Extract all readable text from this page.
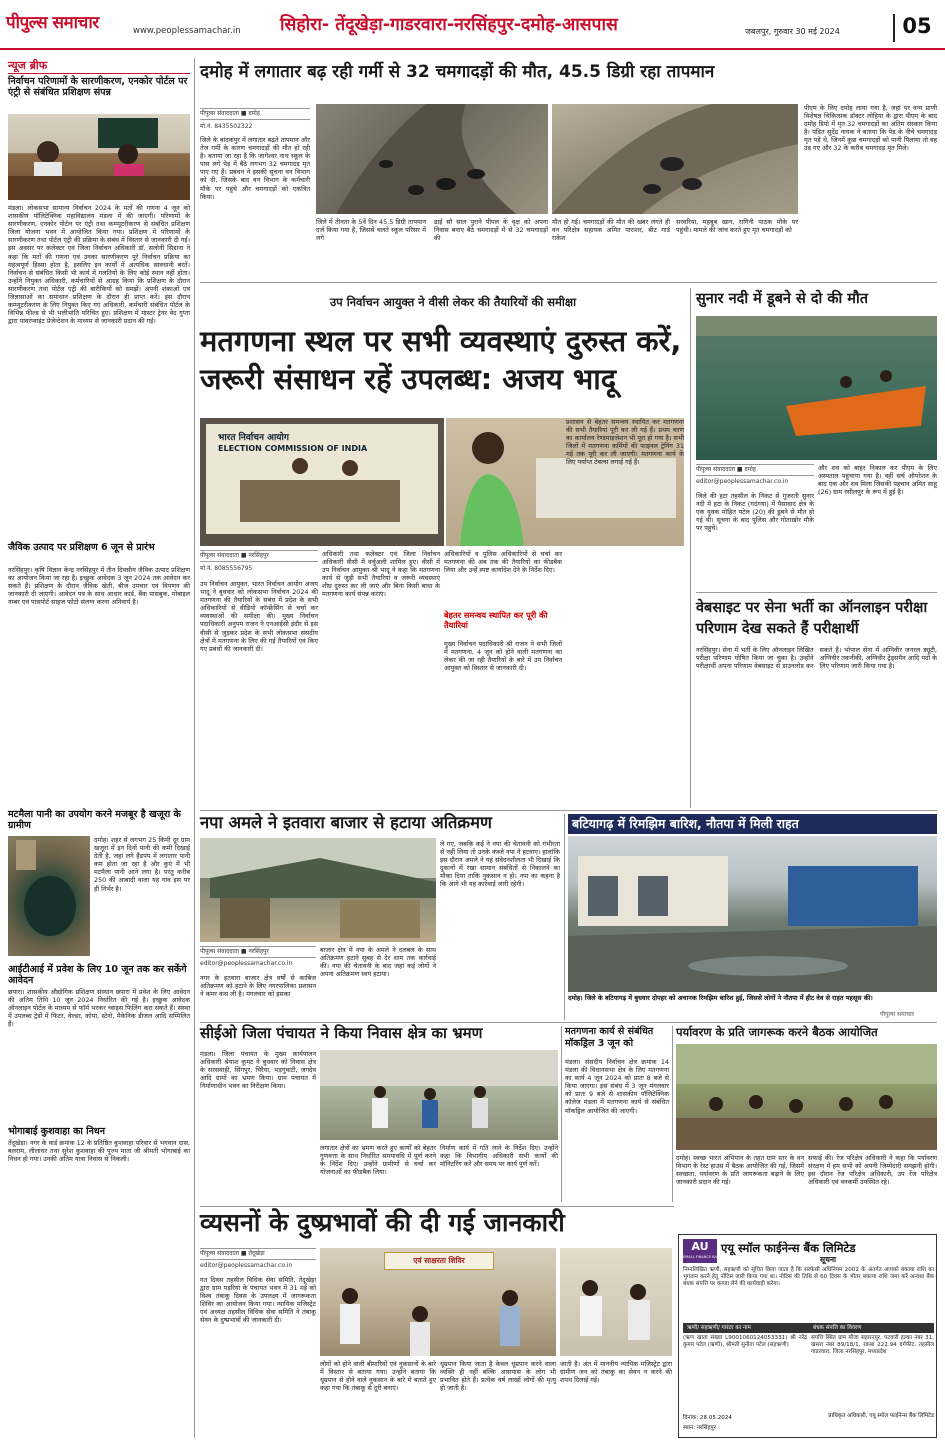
पीपुल्स समाचार	www.peoplessamachar.in सिहोरा- तेंदूखेड़ा-गाडरवारा-नरसिंहपुर-दमोह-आसपास	जबलपुर, गुरुवार 30 मई 2024	05
न्यूज ब्रीफ
निर्वाचन परिणामों के सारणीकरण, एनकोर पोर्टल पर एंट्री से संबंधित प्रशिक्षण संपन्न
मंडला। लोकसभा सामान्य निर्वाचन 2024 के मतों की गणना 4 जून को शासकीय पॉलिटेक्निक महाविद्यालय मंडला में की जाएगी। परिणामों के सारणीकरण, एनकोर पोर्टल पर एंट्री तथा कम्प्यूटरीकरण से संबंधित प्रशिक्षण जिला योजना भवन में आयोजित किया गया। प्रशिक्षण में परिणामों के सारणीकरण तथा पोर्टल एंट्री की प्रक्रिया के संबंध में विस्तार से जानकारी दी गई। इस अवसर पर कलेक्टर एवं जिला निर्वाचन अधिकारी डॉ. सलोनी सिडाना ने कहा कि मतों की गणना एवं उनका सारणीकरण पूरे निर्वाचन प्रक्रिया का महत्वपूर्ण हिस्सा होता है, इसलिए इन कार्यों में अत्यधिक सावधानी बरतें। निर्वाचन से संबंधित किसी भी कार्य में गलतियों के लिए कोई स्थान नहीं होता। उन्होंने नियुक्त अधिकारी, कर्मचारियों से आग्रह किया कि प्रशिक्षण के दौरान सारणीकरण तथा पोर्टल एंट्री की बारीकियों को समझें। अपनी शंकाओं एवं जिज्ञासाओं का समाधान प्रशिक्षण के दौरान ही प्राप्त करें। इस दौरान कम्प्यूटरीकरण के लिए नियुक्त किए गए अधिकारी, कर्मचारी संबंधित पोर्टल के विभिन्न फील्ड से भी भलीभांति परिचित हुए। प्रशिक्षण में मास्टर ट्रेनर वेद गुप्ता द्वारा पावरप्वाइंट प्रेजेन्टेशन के माध्यम से जानकारी प्रदान की गई।
जैविक उत्पाद पर प्रशिक्षण 6 जून से प्रारंभ
नरसिंहपुर। कृषि विज्ञान केन्द्र नरसिंहपुर में तीन दिवसीय जैविक उत्पाद प्रशिक्षण का आयोजन किया जा रहा है। इच्छुक आवेदक 3 जून 2024 तक आवेदन कर सकते हैं। प्रशिक्षण के दौरान जैविक खेती, बीज उपचार एवं विपणन की जानकारी दी जाएगी। आवेदन पत्र के साथ आधार कार्ड, बैंक पासबुक, मोबाइल नम्बर एवं पासपोर्ट साइज फोटो संलग्न करना अनिवार्य है।
मटमैला पानी का उपयोग करने मजबूर है खजूरा के ग्रामीण
दमोह। शहर से लगभग 25 किमी दूर ग्राम खजूरा में इन दिनों पानी की कमी दिखाई देती है, जहां लगे हैंडपंप में लगातार पानी कम होता जा रहा है और कुएं में भी मटमैला पानी आने लगा है। परंतु करीब 250 की आबादी वाला यह गांव इस पर ही निर्भर है।
आईटीआई में प्रवेश के लिए 10 जून तक कर सकेंगे आवेदन
छपारा। शासकीय औद्योगिक प्रशिक्षण संस्थान छपारा में प्रवेश के लिए आवेदन की अंतिम तिथि 10 जून 2024 निर्धारित की गई है। इच्छुक आवेदक ऑनलाइन पोर्टल के माध्यम से फॉर्म भरकर च्वाइस फिलिंग करा सकते हैं। संस्था में उपलब्ध ट्रेडों में फिटर, वेल्डर, कोपा, स्टेनो, मैकेनिक डीजल आदि सम्मिलित हैं।
भोगाबाई कुशवाहा का निधन
तेंदूखेड़ा। नगर के वार्ड क्रमांक 12 के प्रतिष्ठित कुशवाहा परिवार से भगवान दास, बलराम, लीलाधर तथा सुरेश कुशवाहा की पूज्य माता जी श्रीमती भोगाबाई का निधन हो गया। उनकी अंतिम यात्रा निवास से निकली।
दमोह में लगातार बढ़ रही गर्मी से 32 चमगादड़ों की मौत, 45.5 डिग्री रहा तापमान
पीपुल्स संवाददाता ■ दमोह
मो.नं. 8435502322
जिले के बांदकपुर में लगातार बढ़ते तापमान और तेज गर्मी के कारण चमगादड़ों की मौत हो रही है। बताया जा रहा है कि जागेश्वर नाथ स्कूल के पास लगे पेड़ में बैठे लगभग 32 चमगादड़ मृत पाए गए हैं। प्रबंधन ने इसकी सूचना वन विभाग को दी, जिसके बाद वन विभाग के कर्मचारी मौके पर पहुंचे और चमगादड़ों को एकत्रित किया।
जिले में तीनता के 5वें दिन 45.5 डिग्री तापमान दर्ज किया गया है, जिससे चलते स्कूल परिसर में लगे
ढाई सौ साल पुराने पीपल के वृक्ष को अपना निवास बनाए बैठे चमगादड़ों में से 32 चमगादड़ों की
मौत हो गई। चमगादड़ों की मौत की खबर लगते ही वन परिक्षेत्र सहायक अमित पाराशर, बीट गार्ड राकेश
सरवरिया, महबूब खान, रागिनी पाठक मौके पर पहुंची। मामले की जांच करते हुए मृत चमगादड़ों को
पीएम के लिए दमोह लाया गया है, जहां पर वन्य प्राणी विशेषज्ञ चिकित्सक डॉक्टर लोहिया के द्वारा पीएम के बाद दमोह डिपो में मृत 32 चमगादड़ों का अंतिम संस्कार किया है। पंडित सुदेंद्र नायक ने बताया कि पेड़ के नीचे चमगादड़ मृत पड़े थे, जिनमें कुछ चमगादड़ों को पानी पिलाया तो वह उड़ गए और 32 के करीब चमगादड़ मृत मिले।
उप निर्वाचन आयुक्त ने वीसी लेकर की तैयारियों की समीक्षा
मतगणना स्थल पर सभी व्यवस्थाएं दुरुस्त करें, जरूरी संसाधन रहें उपलब्ध: अजय भादू
भारत निर्वाचन आयोग
ELECTION COMMISSION OF INDIA
पीपुल्स संवाददाता ■ नरसिंहपुर
मो.नं. 8085556795
उप निर्वाचन आयुक्त, भारत निर्वाचन आयोग अजय भादू ने बुधवार को लोकसभा निर्वाचन 2024 की मतगणना की तैयारियों के संबंध में प्रदेश के सभी अधिकारियों से वीडियो कॉन्फ्रेंसिंग से चर्चा कर व्यवस्थाओं की समीक्षा की। मुख्य निर्वाचन पदाधिकारी अनुपम राजन ने एनआईसी इंदौर से इस वीसी से जुड़कर प्रदेश के सभी लोकसभा संसदीय क्षेत्रों में मतगणना के लिए की गई तैयारियों एवं किए गए प्रबंधों की जानकारी दी।
अधिकारी तथा कलेक्टर एवं जिला निर्वाचन अधिकारी वीसी में वर्चुअली शामिल हुए। वीसी में उप निर्वाचन आयुक्त श्री भादू ने कहा कि मतगणना कार्य से जुड़ी सभी तैयारियां व जरूरी व्यवस्थाएं शीघ्र दुरुस्त कर ली जाएं और बिना किसी बाधा के मतगणना कार्य संपन्न कराएं।
अधिकारियों व पुलिस अधिकारियों से चर्चा कर मतगणना की अब तक की तैयारियों का फीडबैक लिया और उन्हें स्पष्ट कार्यादेश देने के निर्देश दिए।
बेहतर समन्वय स्थापित कर पूरी की तैयारियां
मुख्य निर्वाचन पदाधिकारी श्री राजन ने सभी जिलों में मतगणना, 4 जून को होने वाली मतगणना का लेकर की जा रही तैयारियों के बारे में उप निर्वाचन आयुक्त को विस्तार से जानकारी दी।
प्रशासन से बेहतर समन्वय स्थापित कर मतगणना की सभी तैयारियां पूरी कर ली गई हैं। प्रथम चरण का कार्यालय रेण्डमाइजेशन भी पूरा हो गया है। सभी जिलों में मतगणना कर्मियों की फाइनल ट्रेनिंग 31 मई तक पूरी कर ली जाएगी। मतगणना कार्य के लिए पर्याप्त टेबल्स लगाई गई हैं।
सुनार नदी में डूबने से दो की मौत
पीपुल्स संवाददाता ■ दमोह
editor@peoplessamachar.co.in
जिले की हटा तहसील के निकट से गुजरती सुनार नदी में हटा के निकट (गदंगया) में पैसावाद क्षेत्र के एक युवक मोहित पटेल (20) की डूबने से मौत हो गई थी। सूचना के बाद पुलिस और गोताखोर मौके पर पहुंचे।
और शव को बाहर निकाल कर पीएम के लिए अस्पताल पहुंचाया गया है। वहीं सर्च ऑपरेशन के बाद एक और शव मिला जिसकी पहचान अमित साहू (26) ग्राम रसीलपुर के रूप में हुई है।
वेबसाइट पर सेना भर्ती का ऑनलाइन परीक्षा परिणाम देख सकते हैं परीक्षार्थी
नरसिंहपुर। सेना में भर्ती के लिए ऑनलाइन लिखित परीक्षा परिणाम घोषित किया जा चुका है। उन्होंने परीक्षार्थी अपना परिणाम वेबसाइट से डाउनलोड कर सकते हैं। भोपाल सेना में अग्निवीर जनरल ड्यूटी, अग्निवीर तकनीकी, अग्निवीर ट्रेड्समैन आदि पदों के लिए परिणाम जारी किया गया है।
नपा अमले ने इतवारा बाजार से हटाया अतिक्रमण
ले गए, जबकि कई ने नपा की चेतावनी को गंभीरता से नहीं लिया तो उनके कब्जे नपा ने हटवाए। हालांकि इस दौरान अमले ने यह संवेदनशीलता भी दिखाई कि दुकानों में रखा सामान संबंधितों से निकालने का मौका दिया ताकि नुकसान न हो। नपा का कहना है कि आगे भी यह कार्रवाई जारी रहेगी।
पीपुल्स संवाददाता ■ नरसिंहपुर
editor@peoplessamachar.co.in
नगर के इतवारा बाजार क्षेत्र वर्षों से काबिज अतिक्रमण को हटाने के लिए नगरपालिका प्रशासन ने कमर कस ली है। मंगलवार को इसका
बाजार क्षेत्र में नपा के अमले ने दलबल के साथ अतिक्रमण हटाने सुबह से देर शाम तक कार्रवाई की। नपा की चेतावनी के बाद जहां कई लोगों ने अपना अतिक्रमण स्वयं हटाया।
बटियागढ़ में रिमझिम बारिश, नौतपा में मिली राहत
दमोह। जिले के बटियागढ़ में बुधवार दोपहर को अचानक रिमझिम बारिश हुई, जिससे लोगों ने नौतपा में हीट वेव से राहत महसूस की।
पीपुल्स समाचार
सीईओ जिला पंचायत ने किया निवास क्षेत्र का भ्रमण
मंडला। जिला पंचायत के मुख्य कार्यपालन अधिकारी श्रेयांश कूमट ने बुधवार को निवास क्षेत्र के सरसवाही, सिंगपुर, चिरैया, भड़गुवाटी, जगदेव आदि ग्रामों का भ्रमण किया। ग्राम पंचायत में निर्माणाधीन भवन का निरीक्षण किया।
लगातार क्षेत्रों का भ्रमण करते हुए कार्यों को बेहतर गुणवत्ता के साथ निर्धारित समयावधि में पूर्ण करने के निर्देश दिए। उन्होंने ग्रामीणों से चर्चा कर योजनाओं का फीडबैक लिया।
निर्माण कार्य में गति लाने के निर्देश दिए। उन्होंने कहा कि विभागीय अधिकारी सभी कार्यों की मॉनिटरिंग करें और समय पर कार्य पूर्ण करें।
मतगणना कार्य से संबंधित मॉकड्रिल 3 जून को
मंडला। संसदीय निर्वाचन क्षेत्र क्रमांक 14 मंडला की विधानसभा क्षेत्र के लिए मतगणना का कार्य 4 जून 2024 को प्रातः 8 बजे से किया जाएगा। इस संबंध में 3 जून मंगलवार को प्रातः 9 बजे से शासकीय पॉलिटेक्निक कॉलेज मंडला में मतगणना कार्य से संबंधित मॉकड्रिल आयोजित की जाएगी।
पर्यावरण के प्रति जागरूक करने बैठक आयोजित
दमोह। स्वच्छ भारत अभियान के तहत ग्राम स्तर के वन विभाग के रेस्ट हाउस में बैठक आयोजित की गई, जिसमें स्वच्छता, पर्यावरण के प्रति जागरूकता बढ़ाने के लिए जानकारी प्रदान की गई।
सफाई की। रेंज परिक्षेत्र अधिकारी ने कहा कि पर्यावरण संरक्षण में हम सभी को अपनी जिम्मेदारी समझनी होगी। इस दौरान रेंज परिक्षेत्र अधिकारी, उप रेंज परिक्षेत्र अधिकारी एवं वनकर्मी उपस्थित रहे।
व्यसनों के दुष्प्रभावों की दी गई जानकारी
पीपुल्स संवाददाता ■ तेंदूखेड़ा
editor@peoplessamachar.co.in
गत दिवस तहसील विधिक सेवा समिति, तेंदूखेड़ा द्वारा ग्राम पड़रिया के पंचायत भवन में 31 मई को विश्व तंबाकू दिवस के उपलक्ष्य में जागरूकता शिविर का आयोजन किया गया। न्यायिक मजिस्ट्रेट एवं अध्यक्ष तहसील विधिक सेवा समिति ने तंबाकू सेवन के दुष्प्रभावों की जानकारी दी।
एवं साक्षरता शिविर
लोगों को होने वाली बीमारियों एवं नुकसानों के बारे में विस्तार से बताया गया। उन्होंने बताया कि धूम्रपान से होने वाले नुकसान के बारे में बताते हुए कहा गया कि तंबाकू से दूरी बनाएं।
धूम्रपान किया जाता है केवल धूम्रपान करने वाला व्यक्ति ही नहीं बल्कि आसपास के लोग भी प्रभावित होते हैं। प्रत्येक वर्ष लाखों लोगों की मृत्यु हो जाती है।
जाती है। अंत में माननीय न्यायिक मजिस्ट्रेट द्वारा ग्रामीण जन को तंबाकू का सेवन न करने की शपथ दिलाई गई।
AU
SMALL FINANCE BANK
एयू स्मॉल फाईनेन्स बैंक लिमिटेड
सूचना
निम्नलिखित ऋणी, सहऋणी को सूचित किया जाता है कि सरफेसी अधिनियम 2002 के अंतर्गत आपको बकाया राशि का भुगतान करने हेतु नोटिस जारी किया गया था। नोटिस की तिथि से 60 दिवस के भीतर बकाया राशि जमा करें अन्यथा बैंक बंधक संपत्ति पर कब्जा लेने की कार्यवाही करेगा।
ऋणी/ सहऋणी/ गारंटर का नाम	बंधक संपत्ति का विवरण
(ऋण खाता संख्या L9001060124053331) श्री नरेंद्र कुमार पटेल (ऋणी), श्रीमती सुनीता पटेल (सहऋणी)
संपत्ति स्थित ग्राम मौजा सहारनपुर, पटवारी हल्का नंबर 31, खसरा नंबर 89/18/1, रकबा 222.94 वर्गफीट, तहसील गाडरवारा, जिला नरसिंहपुर, मध्यप्रदेश
दिनांक: 28.05.2024
स्थान: नरसिंहपुर
प्राधिकृत अधिकारी, एयू स्मॉल फाईनेन्स बैंक लिमिटेड
